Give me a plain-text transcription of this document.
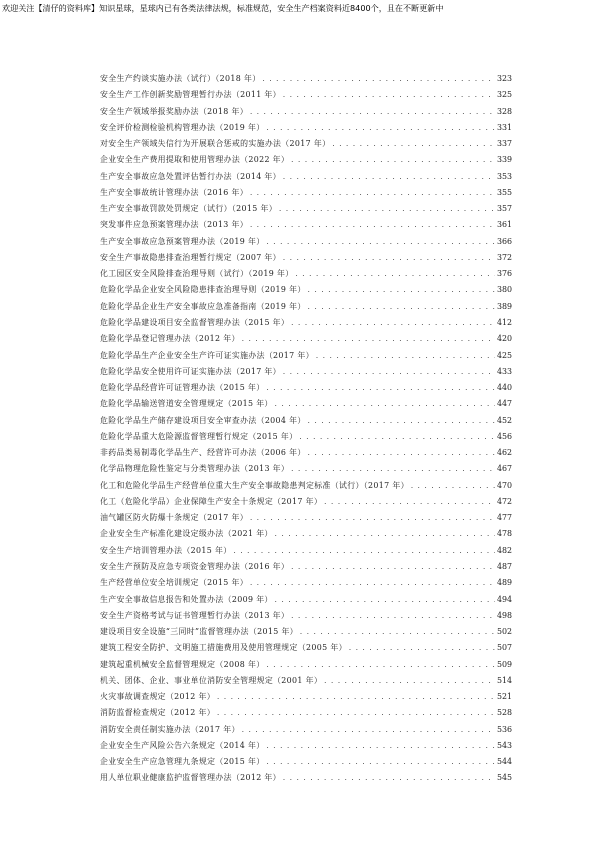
欢迎关注【清仔的资料库】知识星球，星球内已有各类法律法规，标准规范，安全生产档案资料近8400个，且在不断更新中
安全生产约谈实施办法（试行）（2018 年） . . .	323
安全生产工作创新奖励管理暂行办法（2011 年） . . .	325
安全生产领域举报奖励办法（2018 年） . . .	328
安全评价检测检验机构管理办法（2019 年） . . .	331
对安全生产领域失信行为开展联合惩戒的实施办法（2017 年） . . .	337
企业安全生产费用提取和使用管理办法（2022 年） . . .	339
生产安全事故应急处置评估暂行办法（2014 年） . . .	353
生产安全事故统计管理办法（2016 年） . . .	355
生产安全事故罚款处罚规定（试行）（2015 年） . . .	357
突发事件应急预案管理办法（2013 年） . . .	361
生产安全事故应急预案管理办法（2019 年） . . .	366
安全生产事故隐患排查治理暂行规定（2007 年） . . .	372
化工园区安全风险排查治理导则（试行）（2019 年） . . .	376
危险化学品企业安全风险隐患排查治理导则（2019 年） . . .	380
危险化学品企业生产安全事故应急准备指南（2019 年） . . .	389
危险化学品建设项目安全监督管理办法（2015 年） . . .	412
危险化学品登记管理办法（2012 年） . . .	420
危险化学品生产企业安全生产许可证实施办法（2017 年） . . .	425
危险化学品安全使用许可证实施办法（2017 年） . . .	433
危险化学品经营许可证管理办法（2015 年） . . .	440
危险化学品输送管道安全管理规定（2015 年） . . .	447
危险化学品生产储存建设项目安全审查办法（2004 年） . . .	452
危险化学品重大危险源监督管理暂行规定（2015 年） . . .	456
非药品类易制毒化学品生产、经营许可办法（2006 年） . . .	462
化学品物理危险性鉴定与分类管理办法（2013 年） . . .	467
化工和危险化学品生产经营单位重大生产安全事故隐患判定标准（试行）（2017 年） . . .	470
化工（危险化学品）企业保障生产安全十条规定（2017 年） . . .	472
油气罐区防火防爆十条规定（2017 年） . . .	477
企业安全生产标准化建设定级办法（2021 年） . . .	478
安全生产培训管理办法（2015 年） . . .	482
安全生产预防及应急专项资金管理办法（2016 年） . . .	487
生产经营单位安全培训规定（2015 年） . . .	489
生产安全事故信息报告和处置办法（2009 年） . . .	494
安全生产资格考试与证书管理暂行办法（2013 年） . . .	498
建设项目安全设施“三同时”监督管理办法（2015 年） . . .	502
建筑工程安全防护、文明施工措施费用及使用管理规定（2005 年） . . .	507
建筑起重机械安全监督管理规定（2008 年） . . .	509
机关、团体、企业、事业单位消防安全管理规定（2001 年） . . .	514
火灾事故调查规定（2012 年） . . .	521
消防监督检查规定（2012 年） . . .	528
消防安全责任制实施办法（2017 年） . . .	536
企业安全生产风险公告六条规定（2014 年） . . .	543
企业安全生产应急管理九条规定（2015 年） . . .	544
用人单位职业健康监护监督管理办法（2012 年） . . .	545
